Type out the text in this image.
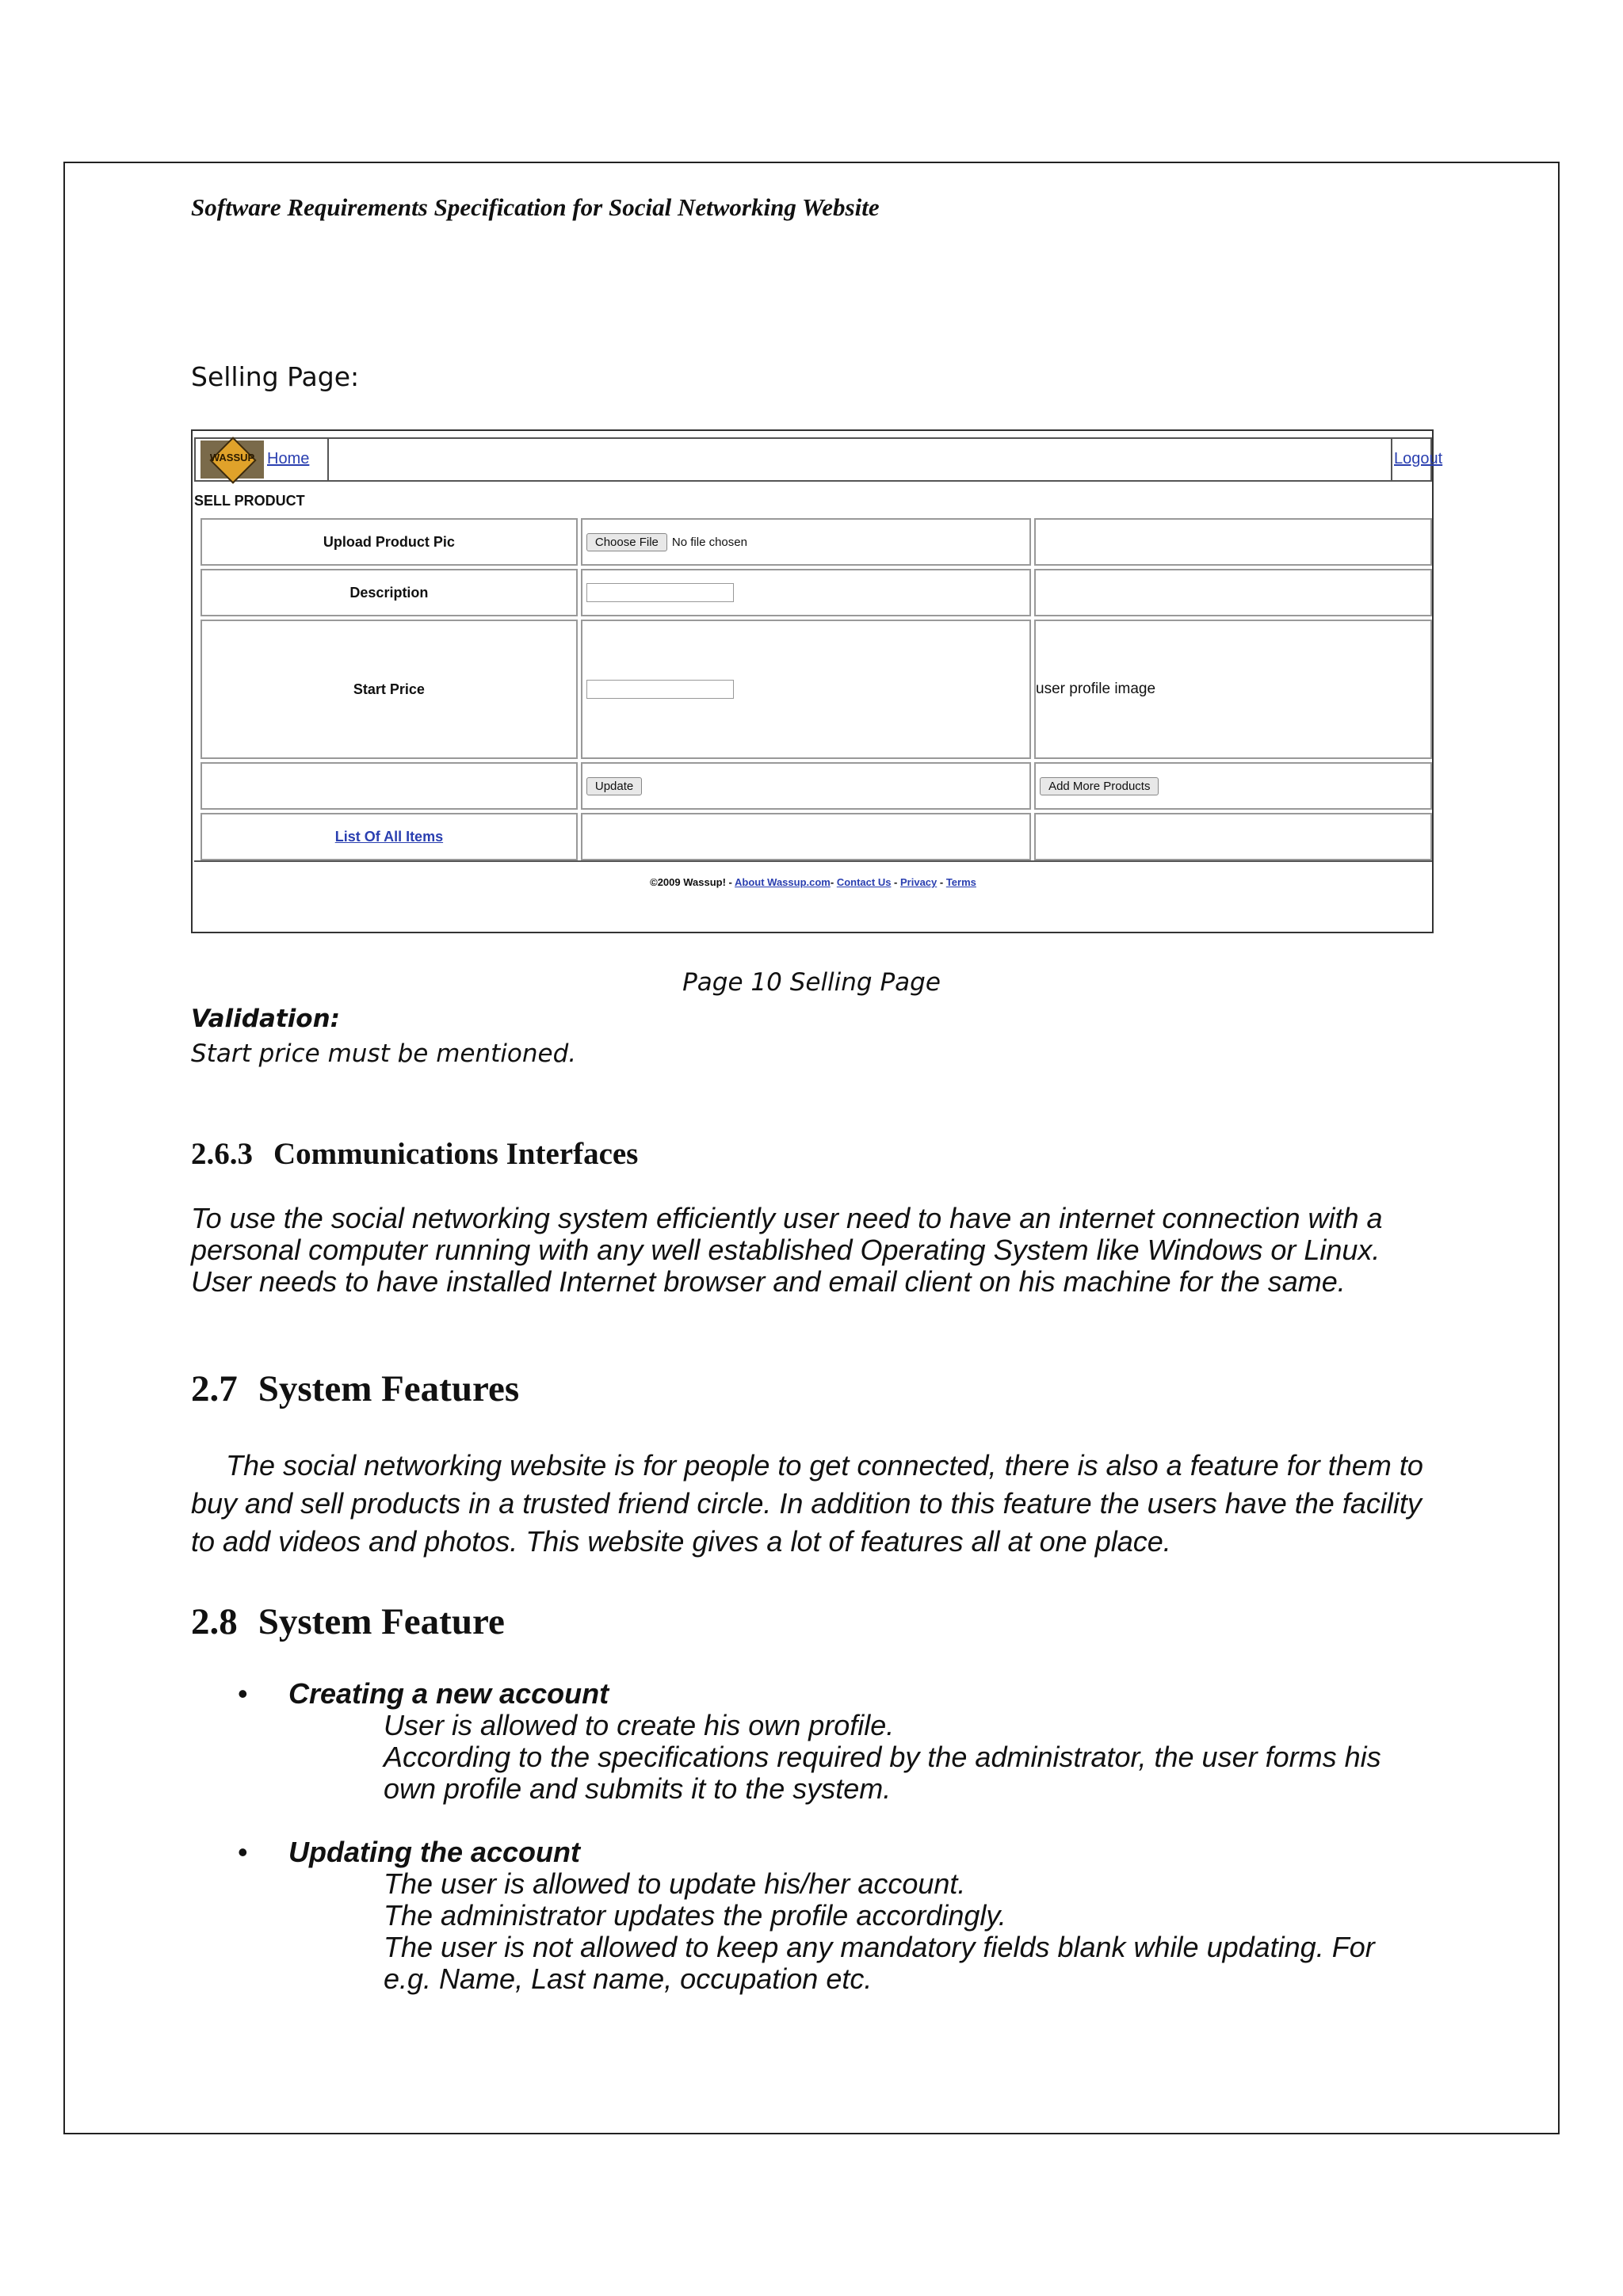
Software Requirements Specification for Social Networking Website
Selling Page:
WASSUP Home	Logout
SELL PRODUCT
Upload Product Pic	Choose File No file chosen	
Description		
Start Price		user profile image
	Update	Add More Products
List Of All Items		
©2009 Wassup! - About Wassup.com- Contact Us - Privacy - Terms
Page 10 Selling Page
Validation:
Start price must be mentioned.
2.6.3 Communications Interfaces
To use the social networking system efficiently user need to have an internet connection with a personal computer running with any well established Operating System like Windows or Linux. User needs to have installed Internet browser and email client on his machine for the same.
2.7 System Features
The social networking website is for people to get connected, there is also a feature for them to buy and sell products in a trusted friend circle. In addition to this feature the users have the facility to add videos and photos. This website gives a lot of features all at one place.
2.8 System Feature
• Creating a new account
User is allowed to create his own profile.
According to the specifications required by the administrator, the user forms his
own profile and submits it to the system.
• Updating the account
The user is allowed to update his/her account.
The administrator updates the profile accordingly.
The user is not allowed to keep any mandatory fields blank while updating. For
e.g. Name, Last name, occupation etc.
